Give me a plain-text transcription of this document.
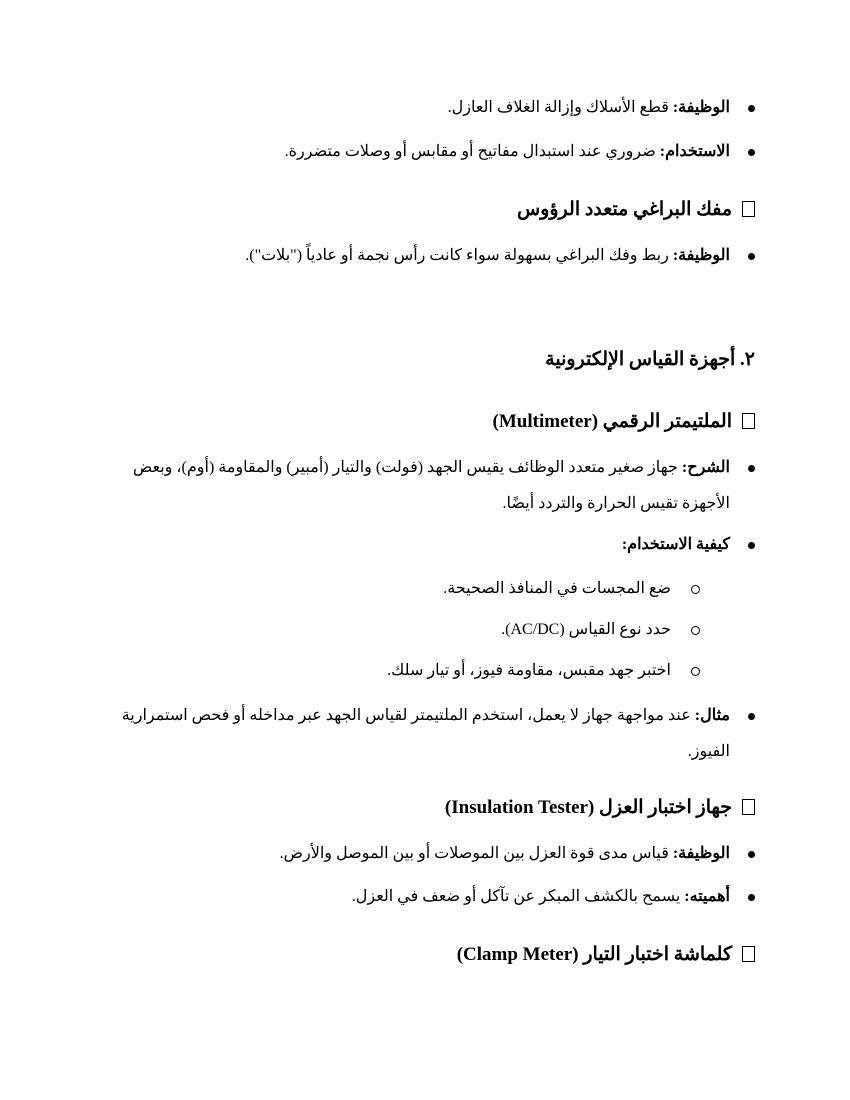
الوظيفة: قطع الأسلاك وإزالة الغلاف العازل.
الاستخدام: ضروري عند استبدال مفاتيح أو مقابس أو وصلات متضررة.
مفك البراغي متعدد الرؤوس
الوظيفة: ربط وفك البراغي بسهولة سواء كانت رأس نجمة أو عادياً ("بلات").
٢. أجهزة القياس الإلكترونية
الملتيمتر الرقمي (Multimeter)
الشرح: جهاز صغير متعدد الوظائف يقيس الجهد (فولت) والتيار (أمبير) والمقاومة (أوم)، وبعض
الأجهزة تقيس الحرارة والتردد أيضًا.
كيفية الاستخدام:
ضع المجسات في المنافذ الصحيحة.
حدد نوع القياس (AC/DC).
اختبر جهد مقبس، مقاومة فيوز، أو تيار سلك.
مثال: عند مواجهة جهاز لا يعمل، استخدم الملتيمتر لقياس الجهد عبر مداخله أو فحص استمرارية
الفيوز.
جهاز اختبار العزل (Insulation Tester)
الوظيفة: قياس مدى قوة العزل بين الموصلات أو بين الموصل والأرض.
أهميته: يسمح بالكشف المبكر عن تآكل أو ضعف في العزل.
كلماشة اختبار التيار (Clamp Meter)
